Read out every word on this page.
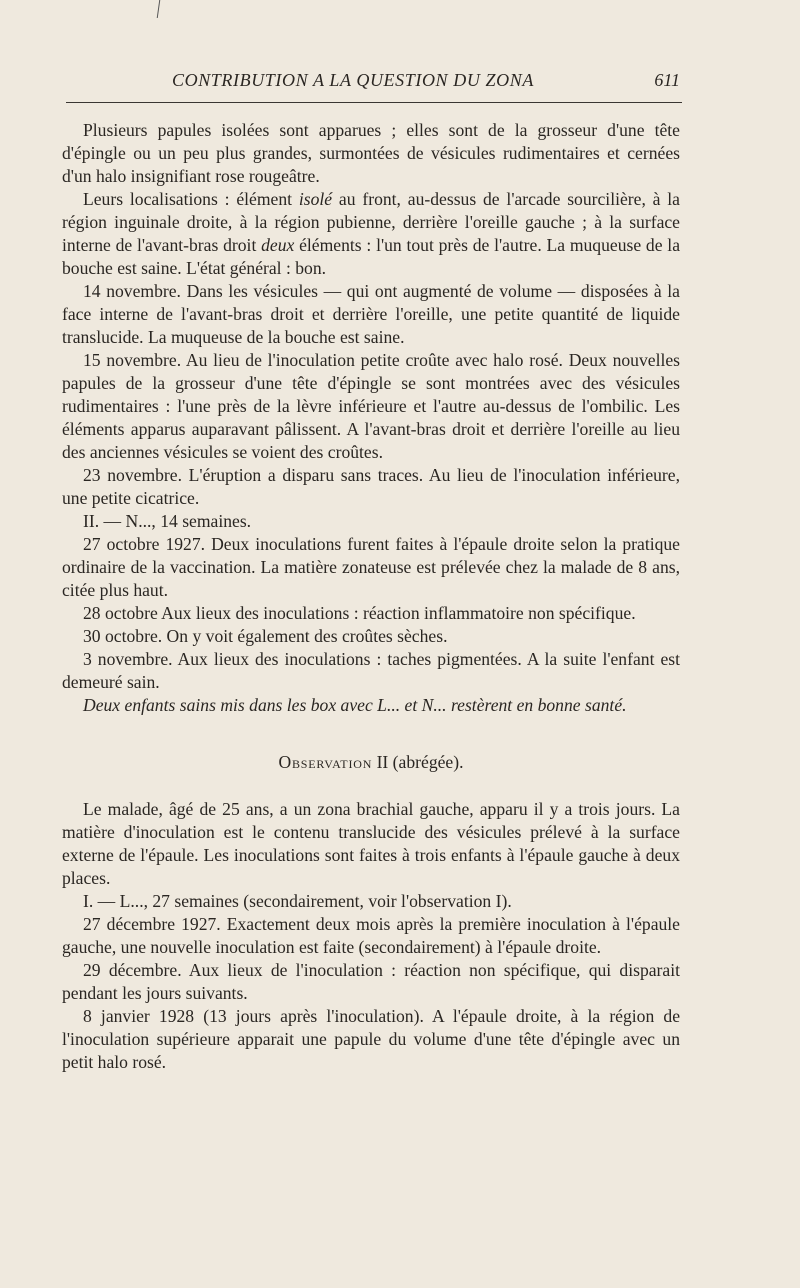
CONTRIBUTION A LA QUESTION DU ZONA	611

Plusieurs papules isolées sont apparues ; elles sont de la grosseur d'une tête d'épingle ou un peu plus grandes, surmontées de vésicules rudimentaires et cernées d'un halo insignifiant rose rougeâtre.

Leurs localisations : élément isolé au front, au-dessus de l'arcade sourcilière, à la région inguinale droite, à la région pubienne, derrière l'oreille gauche ; à la surface interne de l'avant-bras droit deux éléments : l'un tout près de l'autre. La muqueuse de la bouche est saine. L'état général : bon.

14 novembre. Dans les vésicules — qui ont augmenté de volume — disposées à la face interne de l'avant-bras droit et derrière l'oreille, une petite quantité de liquide translucide. La muqueuse de la bouche est saine.

15 novembre. Au lieu de l'inoculation petite croûte avec halo rosé. Deux nouvelles papules de la grosseur d'une tête d'épingle se sont montrées avec des vésicules rudimentaires : l'une près de la lèvre inférieure et l'autre au-dessus de l'ombilic. Les éléments apparus auparavant pâlissent. A l'avant-bras droit et derrière l'oreille au lieu des anciennes vésicules se voient des croûtes.

23 novembre. L'éruption a disparu sans traces. Au lieu de l'inoculation inférieure, une petite cicatrice.

II. — N..., 14 semaines.

27 octobre 1927. Deux inoculations furent faites à l'épaule droite selon la pratique ordinaire de la vaccination. La matière zonateuse est prélevée chez la malade de 8 ans, citée plus haut.

28 octobre Aux lieux des inoculations : réaction inflammatoire non spécifique.

30 octobre. On y voit également des croûtes sèches.

3 novembre. Aux lieux des inoculations : taches pigmentées. A la suite l'enfant est demeuré sain.

Deux enfants sains mis dans les box avec L... et N... restèrent en bonne santé.

Observation II (abrégée).

Le malade, âgé de 25 ans, a un zona brachial gauche, apparu il y a trois jours. La matière d'inoculation est le contenu translucide des vésicules prélevé à la surface externe de l'épaule. Les inoculations sont faites à trois enfants à l'épaule gauche à deux places.

I. — L..., 27 semaines (secondairement, voir l'observation I).

27 décembre 1927. Exactement deux mois après la première inoculation à l'épaule gauche, une nouvelle inoculation est faite (secondairement) à l'épaule droite.

29 décembre. Aux lieux de l'inoculation : réaction non spécifique, qui disparait pendant les jours suivants.

8 janvier 1928 (13 jours après l'inoculation). A l'épaule droite, à la région de l'inoculation supérieure apparait une papule du volume d'une tête d'épingle avec un petit halo rosé.
